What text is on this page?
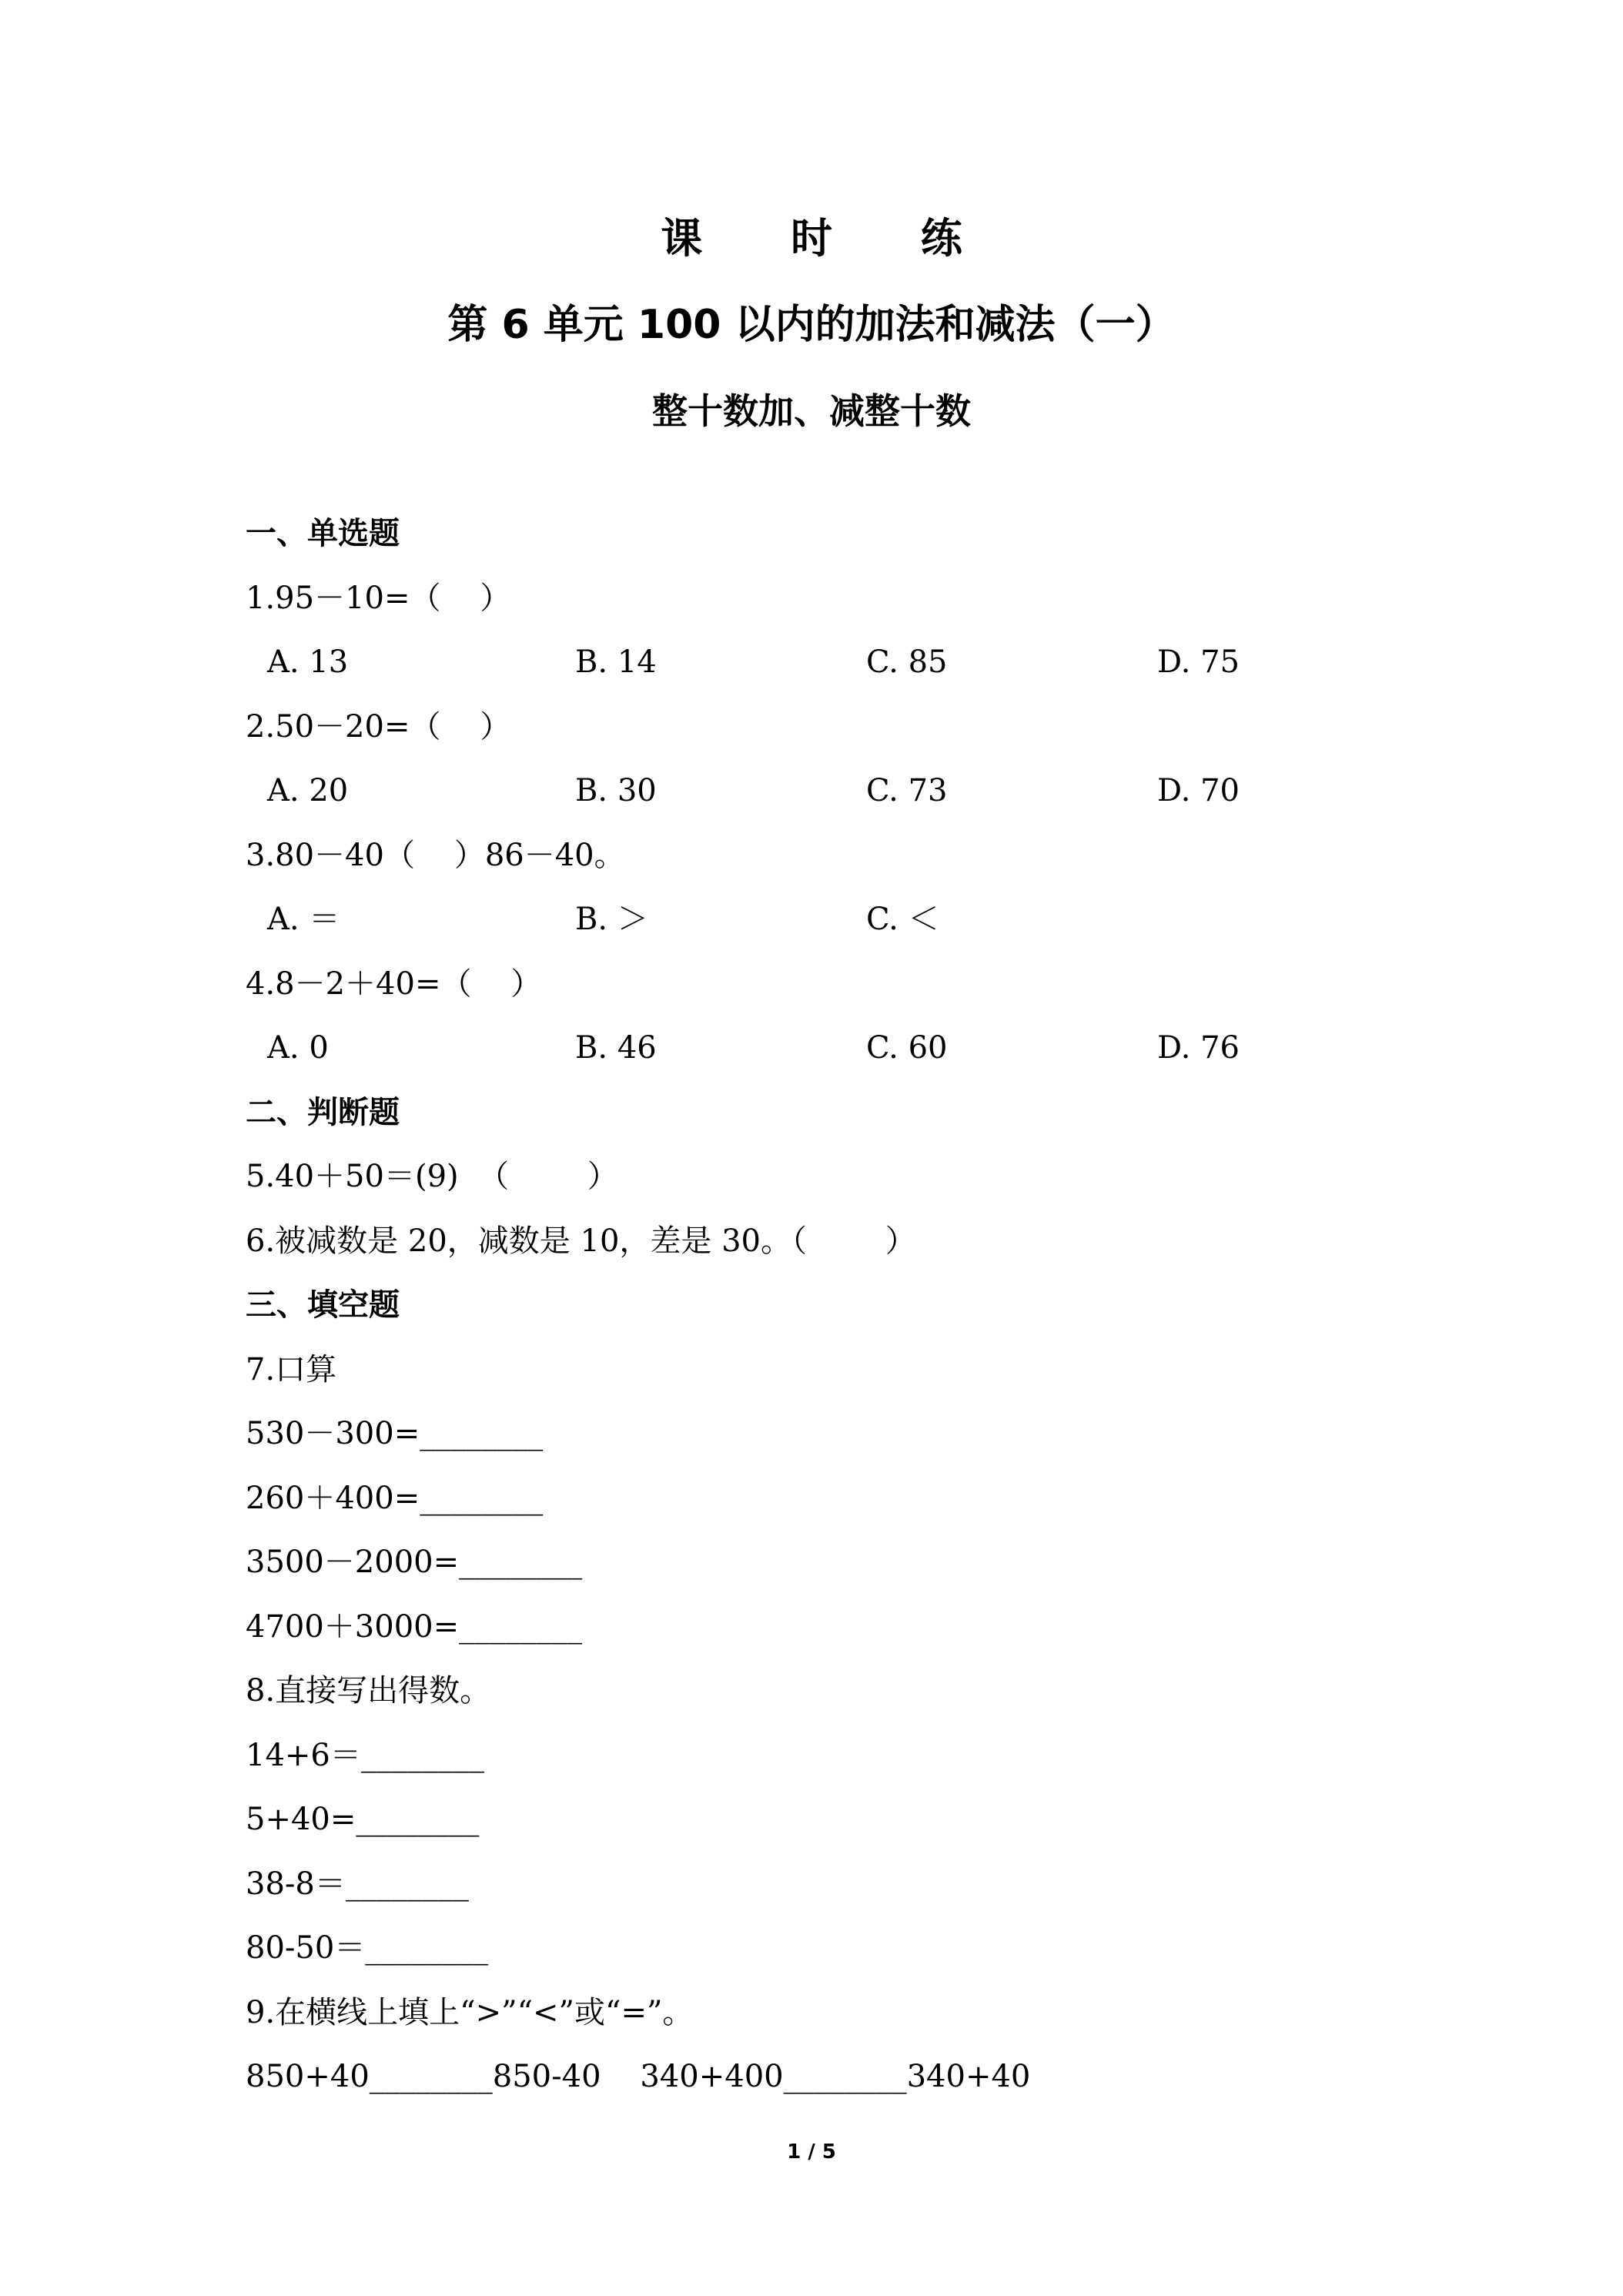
课 时 练
第 6 单元 100 以内的加法和减法（一）
整十数加、减整十数
一、单选题
1.95－10=（    ）

A. 13

	B. 14

	C. 85

	D. 75

2.50－20=（    ）

A. 20

	B. 30

	C. 73

	D. 70

3.80－40（    ）86－40。

A. ＝

	B. ＞

	C. ＜

4.8－2＋40=（    ）

A. 0

	B. 46

	C. 60

	D. 76

二、判断题
5.40＋50＝(9)  （        ）
6.被减数是 20，减数是 10，差是 30。（        ）
三、填空题
7.口算
530－300=________
260＋400=________
3500－2000=________
4700＋3000=________
8.直接写出得数。
14+6＝________
5+40=________
38-8＝________
80-50＝________
9.在横线上填上“>”“<”或“=”。
850+40________850-40    340+400________340+40
1 / 5
